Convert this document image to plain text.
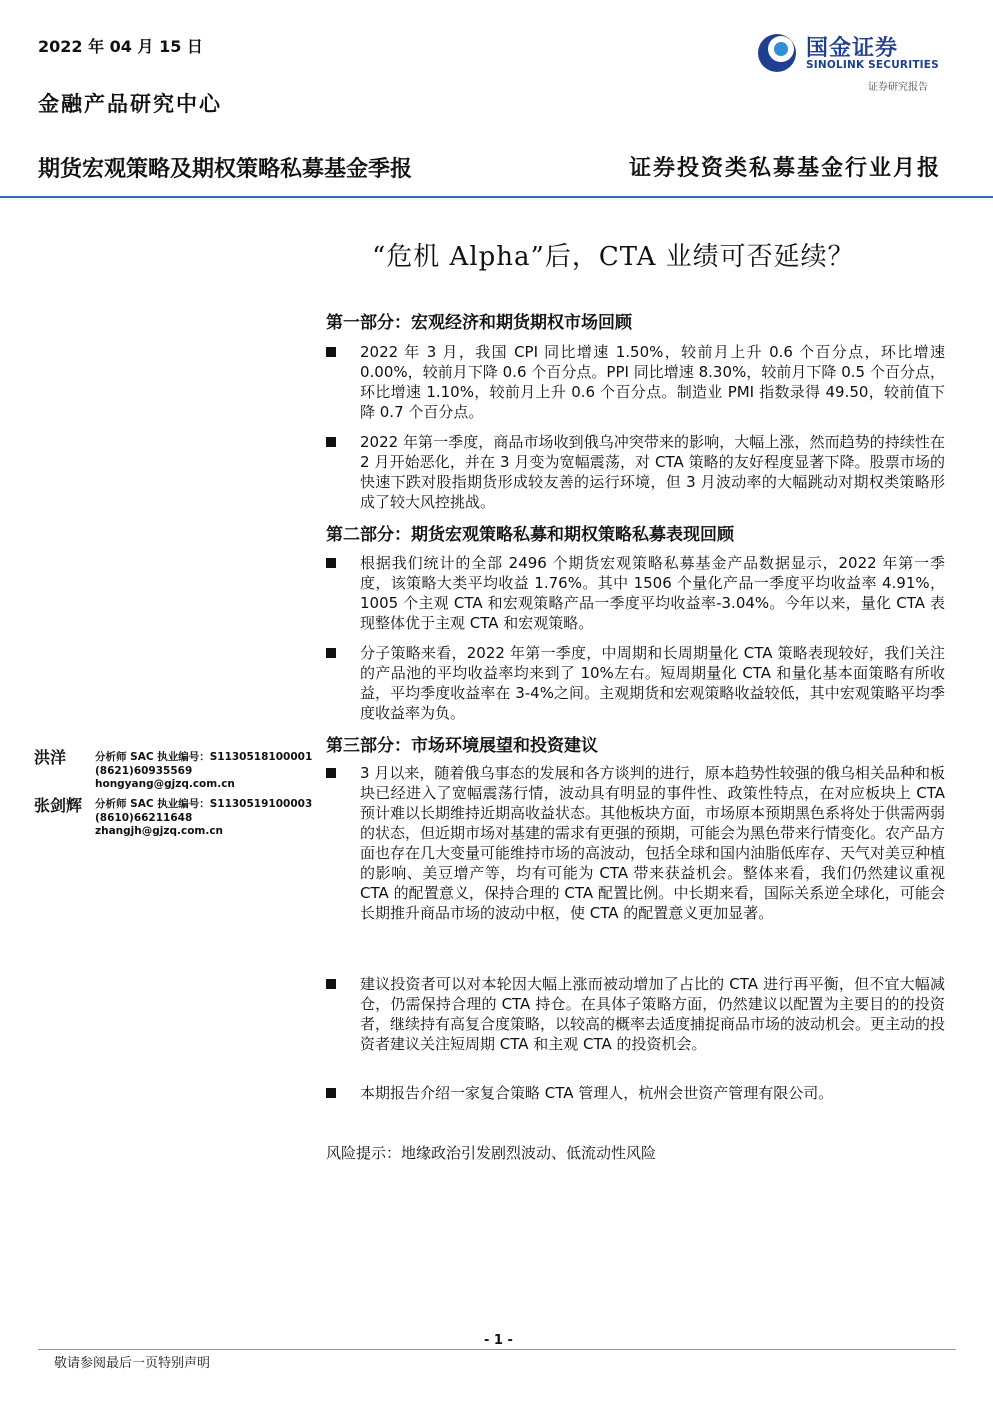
2022 年 04 月 15 日
金融产品研究中心
国金证券
SINOLINK SECURITIES
证券研究报告
期货宏观策略及期权策略私募基金季报	证券投资类私募基金行业月报
“危机 Alpha”后，CTA 业绩可否延续？
第一部分：宏观经济和期货期权市场回顾
2022 年 3 月，我国 CPI 同比增速 1.50%，较前月上升 0.6 个百分点，环比增速 0.00%，较前月下降 0.6 个百分点。PPI 同比增速 8.30%，较前月下降 0.5 个百分点，环比增速 1.10%，较前月上升 0.6 个百分点。制造业 PMI 指数录得 49.50，较前值下降 0.7 个百分点。
2022 年第一季度，商品市场收到俄乌冲突带来的影响，大幅上涨，然而趋势的持续性在 2 月开始恶化，并在 3 月变为宽幅震荡，对 CTA 策略的友好程度显著下降。股票市场的快速下跌对股指期货形成较友善的运行环境，但 3 月波动率的大幅跳动对期权类策略形成了较大风控挑战。
第二部分：期货宏观策略私募和期权策略私募表现回顾
根据我们统计的全部 2496 个期货宏观策略私募基金产品数据显示，2022 年第一季度，该策略大类平均收益 1.76%。其中 1506 个量化产品一季度平均收益率 4.91%，1005 个主观 CTA 和宏观策略产品一季度平均收益率-3.04%。今年以来，量化 CTA 表现整体优于主观 CTA 和宏观策略。
分子策略来看，2022 年第一季度，中周期和长周期量化 CTA 策略表现较好，我们关注的产品池的平均收益率均来到了 10%左右。短周期量化 CTA 和量化基本面策略有所收益，平均季度收益率在 3-4%之间。主观期货和宏观策略收益较低，其中宏观策略平均季度收益率为负。
第三部分：市场环境展望和投资建议
3 月以来，随着俄乌事态的发展和各方谈判的进行，原本趋势性较强的俄乌相关品种和板块已经进入了宽幅震荡行情，波动具有明显的事件性、政策性特点，在对应板块上 CTA 预计难以长期维持近期高收益状态。其他板块方面，市场原本预期黑色系将处于供需两弱的状态，但近期市场对基建的需求有更强的预期，可能会为黑色带来行情变化。农产品方面也存在几大变量可能维持市场的高波动，包括全球和国内油脂低库存、天气对美豆种植的影响、美豆增产等，均有可能为 CTA 带来获益机会。整体来看，我们仍然建议重视 CTA 的配置意义，保持合理的 CTA 配置比例。中长期来看，国际关系逆全球化，可能会长期推升商品市场的波动中枢，使 CTA 的配置意义更加显著。
建议投资者可以对本轮因大幅上涨而被动增加了占比的 CTA 进行再平衡，但不宜大幅减仓，仍需保持合理的 CTA 持仓。在具体子策略方面，仍然建议以配置为主要目的的投资者，继续持有高复合度策略，以较高的概率去适度捕捉商品市场的波动机会。更主动的投资者建议关注短周期 CTA 和主观 CTA 的投资机会。
本期报告介绍一家复合策略 CTA 管理人，杭州会世资产管理有限公司。
风险提示：地缘政治引发剧烈波动、低流动性风险
洪洋	分析师 SAC 执业编号：S1130518100001
(8621)60935569
hongyang@gjzq.com.cn
张剑辉 分析师 SAC 执业编号：S1130519100003
(8610)66211648
zhangjh@gjzq.com.cn
- 1 -
敬请参阅最后一页特别声明
